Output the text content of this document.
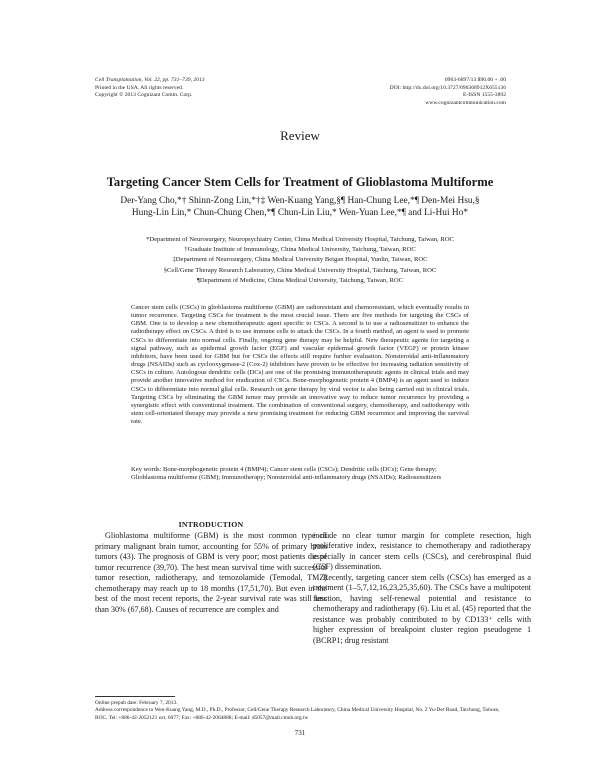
Cell Transplantation, Vol. 22, pp. 731–739, 2013
Printed in the USA. All rights reserved.
Copyright © 2013 Cognizant Comm. Corp.
0963-6897/13 $90.00 + .00
DOI: http://dx.doi.org/10.3727/096368912X655136
E-ISSN 1555-3892
www.cognizantcommunication.com
Review
Targeting Cancer Stem Cells for Treatment of Glioblastoma Multiforme
Der-Yang Cho,*† Shinn-Zong Lin,*†‡ Wen-Kuang Yang,§¶ Han-Chung Lee,*¶ Den-Mei Hsu,§
Hung-Lin Lin,* Chun-Chung Chen,*¶ Chun-Lin Liu,* Wen-Yuan Lee,*¶ and Li-Hui Ho*
*Department of Neurosurgery, Neuropsychiatry Center, China Medical University Hospital, Taichung, Taiwan, ROC
†Graduate Institute of Immunology, China Medical University, Taichung, Taiwan, ROC
‡Department of Neurosurgery, China Medical University Beigan Hospital, Yunlin, Taiwan, ROC
§Cell/Gene Therapy Research Laboratory, China Medical University Hospital, Taichung, Taiwan, ROC
¶Department of Medicine, China Medical University, Taichung, Taiwan, ROC
Cancer stem cells (CSCs) in glioblastoma multiforme (GBM) are radioresistant and chemoresistant, which eventually results in tumor recurrence. Targeting CSCs for treatment is the most crucial issue. There are five methods for targeting the CSCs of GBM. One is to develop a new chemotherapeutic agent specific to CSCs. A second is to use a radiosensitizer to enhance the radiotherapy effect on CSCs. A third is to use immune cells to attack the CSCs. In a fourth method, an agent is used to promote CSCs to differentiate into normal cells. Finally, ongoing gene therapy may be helpful. New therapeutic agents for targeting a signal pathway, such as epidermal growth factor (EGF) and vascular epidermal growth factor (VEGF) or protein kinase inhibitors, have been used for GBM but for CSCs the effects still require further evaluation. Nonsteroidal anti-inflammatory drugs (NSAIDs) such as cyclooxygenase-2 (Cox-2) inhibitors have proven to be effective for increasing radiation sensitivity of CSCs in culture. Autologous dendritic cells (DCs) are one of the promising immunotherapeutic agents in clinical trials and may provide another innovative method for eradication of CSCs. Bone-morphogenetic protein 4 (BMP4) is an agent used to induce CSCs to differentiate into normal glial cells. Research on gene therapy by viral vector is also being carried out in clinical trials. Targeting CSCs by eliminating the GBM tumor may provide an innovative way to reduce tumor recurrence by providing a synergistic effect with conventional treatment. The combination of conventional surgery, chemotherapy, and radiotherapy with stem cell-orientated therapy may provide a new promising treatment for reducing GBM recurrence and improving the survival rate.
Key words: Bone-morphogenetic protein 4 (BMP4); Cancer stem cells (CSCs); Dendritic cells (DCs); Gene therapy; Glioblastoma multiforme (GBM); Immunotherapy; Nonsteroidal anti-inflammatory drugs (NSAIDs); Radiosensitizers
INTRODUCTION

Glioblastoma multiforme (GBM) is the most common type of primary malignant brain tumor, accounting for 55% of primary brain tumors (43). The prognosis of GBM is very poor; most patients die of tumor recurrence (39,70). The best mean survival time with successful tumor resection, radiotherapy, and temozolamide (Temodal, TMZ) chemotherapy may reach up to 18 months (17,51,70). But even in the best of the most recent reports, the 2-year survival rate was still less than 30% (67,68). Causes of recurrence are complex and

include no clear tumor margin for complete resection, high proliferative index, resistance to chemotherapy and radiotherapy especially in cancer stem cells (CSCs), and cerebrospinal fluid (CSF) dissemination.

Recently, targeting cancer stem cells (CSCs) has emerged as a treatment (1–5,7,12,16,23,25,35,60). The CSCs have a multipotent function, having self-renewal potential and resistance to chemotherapy and radiotherapy (6). Liu et al. (45) reported that the resistance was probably contributed to by CD133⁺ cells with higher expression of breakpoint cluster region pseudogene 1 (BCRP1; drug resistant

Online prepub date: February 7, 2013.
Address correspondence to Wen-Kuang Yang, M.D., Ph.D., Professor, Cell/Gene Therapy Research Laboratory, China Medical University Hospital, No. 2 Yu-Der Road, Taichung, Taiwan, ROC. Tel: +886-42-2052121 ext. 6077; Fax: +886-42-2064888; E-mail: d5057@mail.cmuh.org.tw
731
